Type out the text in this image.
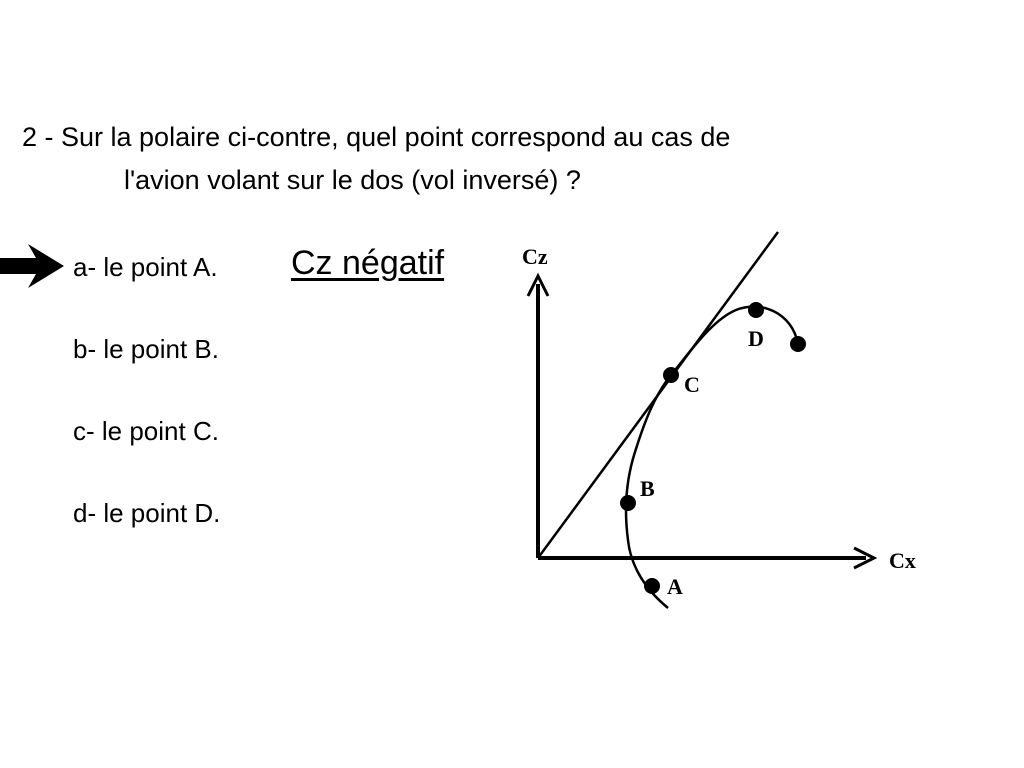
2 - Sur la polaire ci-contre, quel point correspond au cas de
l'avion volant sur le dos (vol inversé) ?
a- le point A. Cz négatif
b- le point B.
c- le point C.
d- le point D.
Cz
Cx
A
B
C
D
